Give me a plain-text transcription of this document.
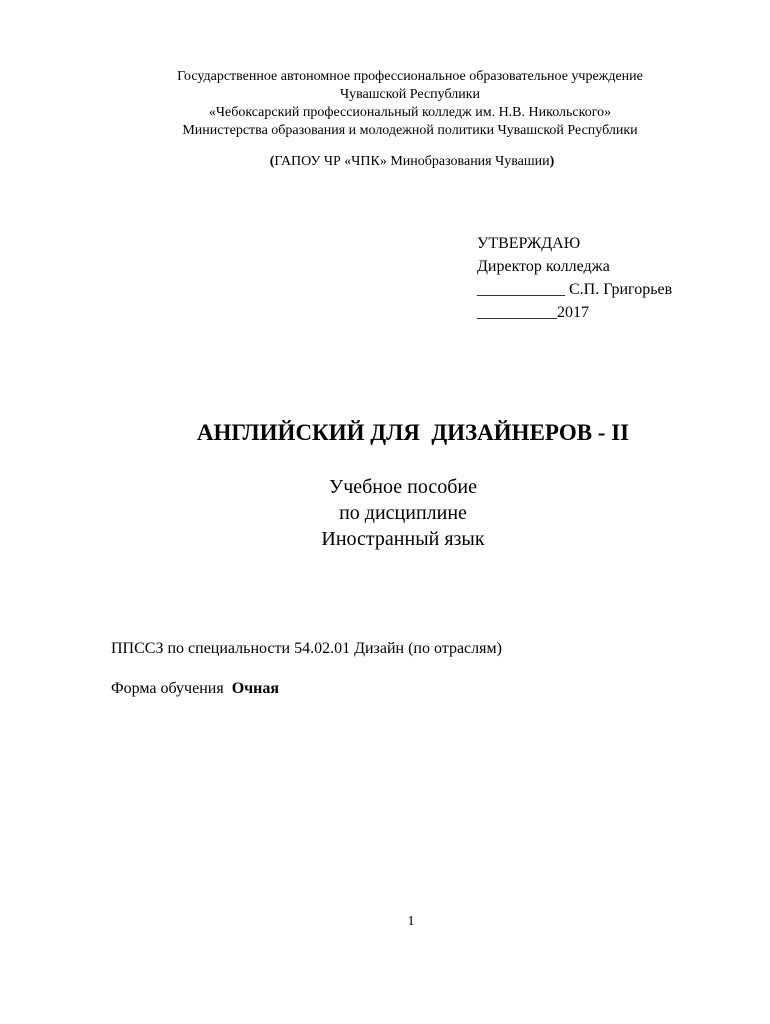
Государственное автономное профессиональное образовательное учреждение
Чувашской Республики
«Чебоксарский профессиональный колледж им. Н.В. Никольского»
Министерства образования и молодежной политики Чувашской Республики
(ГАПОУ ЧР «ЧПК» Минобразования Чувашии)
УТВЕРЖДАЮ
Директор колледжа
___________ С.П. Григорьев
__________2017
АНГЛИЙСКИЙ ДЛЯ  ДИЗАЙНЕРОВ - II
Учебное пособие
по дисциплине
Иностранный язык
ППССЗ по специальности 54.02.01 Дизайн (по отраслям)
Форма обучения  Очная
1
